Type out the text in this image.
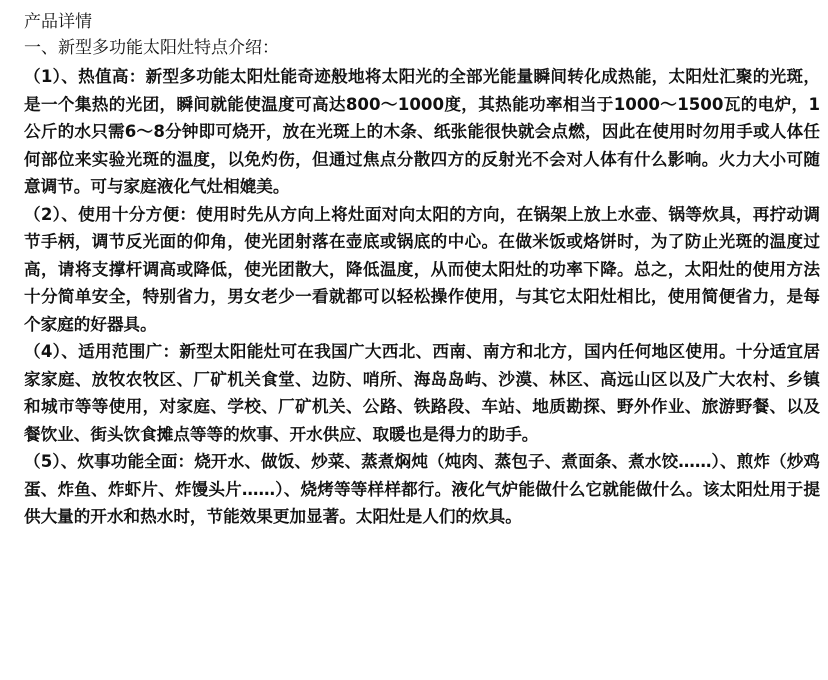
产品详情
一、新型多功能太阳灶特点介绍：

（1）、热值高：新型多功能太阳灶能奇迹般地将太阳光的全部光能量瞬间转化成热能，太阳灶汇聚的光斑，是一个集热的光团，瞬间就能使温度可高达800～1000度，其热能功率相当于1000～1500瓦的电炉，1公斤的水只需6～8分钟即可烧开，放在光斑上的木条、纸张能很快就会点燃，因此在使用时勿用手或人体任何部位来实验光斑的温度，以免灼伤，但通过焦点分散四方的反射光不会对人体有什么影响。火力大小可随意调节。可与家庭液化气灶相媲美。

（2）、使用十分方便：使用时先从方向上将灶面对向太阳的方向，在锅架上放上水壶、锅等炊具，再拧动调节手柄，调节反光面的仰角，使光团射落在壶底或锅底的中心。在做米饭或烙饼时，为了防止光斑的温度过高，请将支撑杆调高或降低，使光团散大，降低温度，从而使太阳灶的功率下降。总之，太阳灶的使用方法十分简单安全，特别省力，男女老少一看就都可以轻松操作使用，与其它太阳灶相比，使用简便省力，是每个家庭的好器具。

（4）、适用范围广：新型太阳能灶可在我国广大西北、西南、南方和北方，国内任何地区使用。十分适宜居家家庭、放牧农牧区、厂矿机关食堂、边防、哨所、海岛岛屿、沙漠、林区、高远山区以及广大农村、乡镇和城市等等使用，对家庭、学校、厂矿机关、公路、铁路段、车站、地质勘探、野外作业、旅游野餐、以及餐饮业、街头饮食摊点等等的炊事、开水供应、取暖也是得力的助手。

（5）、炊事功能全面：烧开水、做饭、炒菜、蒸煮焖炖（炖肉、蒸包子、煮面条、煮水饺……）、煎炸（炒鸡蛋、炸鱼、炸虾片、炸馒头片……）、烧烤等等样样都行。液化气炉能做什么它就能做什么。该太阳灶用于提供大量的开水和热水时，节能效果更加显著。太阳灶是人们的炊具。
